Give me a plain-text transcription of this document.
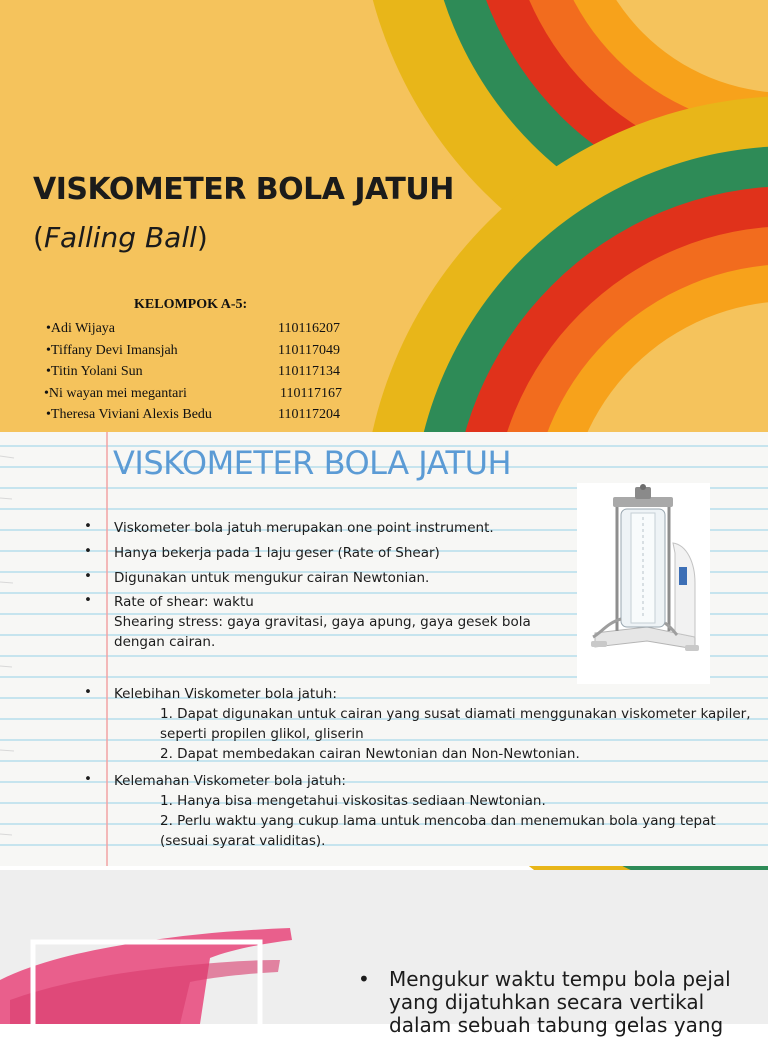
VISKOMETER BOLA JATUH
(Falling Ball)
KELOMPOK A-5:
•Adi Wijaya	110116207
•Tiffany Devi Imansjah	110117049
•Titin Yolani Sun	110117134
•Ni wayan mei megantari	110117167
•Theresa Viviani Alexis Bedu	110117204
VISKOMETER BOLA JATUH
• Viskometer bola jatuh merupakan one point instrument.
• Hanya bekerja pada 1 laju geser (Rate of Shear)
• Digunakan untuk mengukur cairan Newtonian.
• Rate of shear: waktu
Shearing stress: gaya gravitasi, gaya apung, gaya gesek bola
dengan cairan.
• Kelebihan Viskometer bola jatuh:
1. Dapat digunakan untuk cairan yang susat diamati menggunakan viskometer kapiler,
seperti propilen glikol, gliserin
2. Dapat membedakan cairan Newtonian dan Non-Newtonian.
• Kelemahan Viskometer bola jatuh:
1. Hanya bisa mengetahui viskositas sediaan Newtonian.
2. Perlu waktu yang cukup lama untuk mencoba dan menemukan bola yang tepat
(sesuai syarat validitas).
• Mengukur waktu tempu bola pejal
yang dijatuhkan secara vertikal
dalam sebuah tabung gelas yang
